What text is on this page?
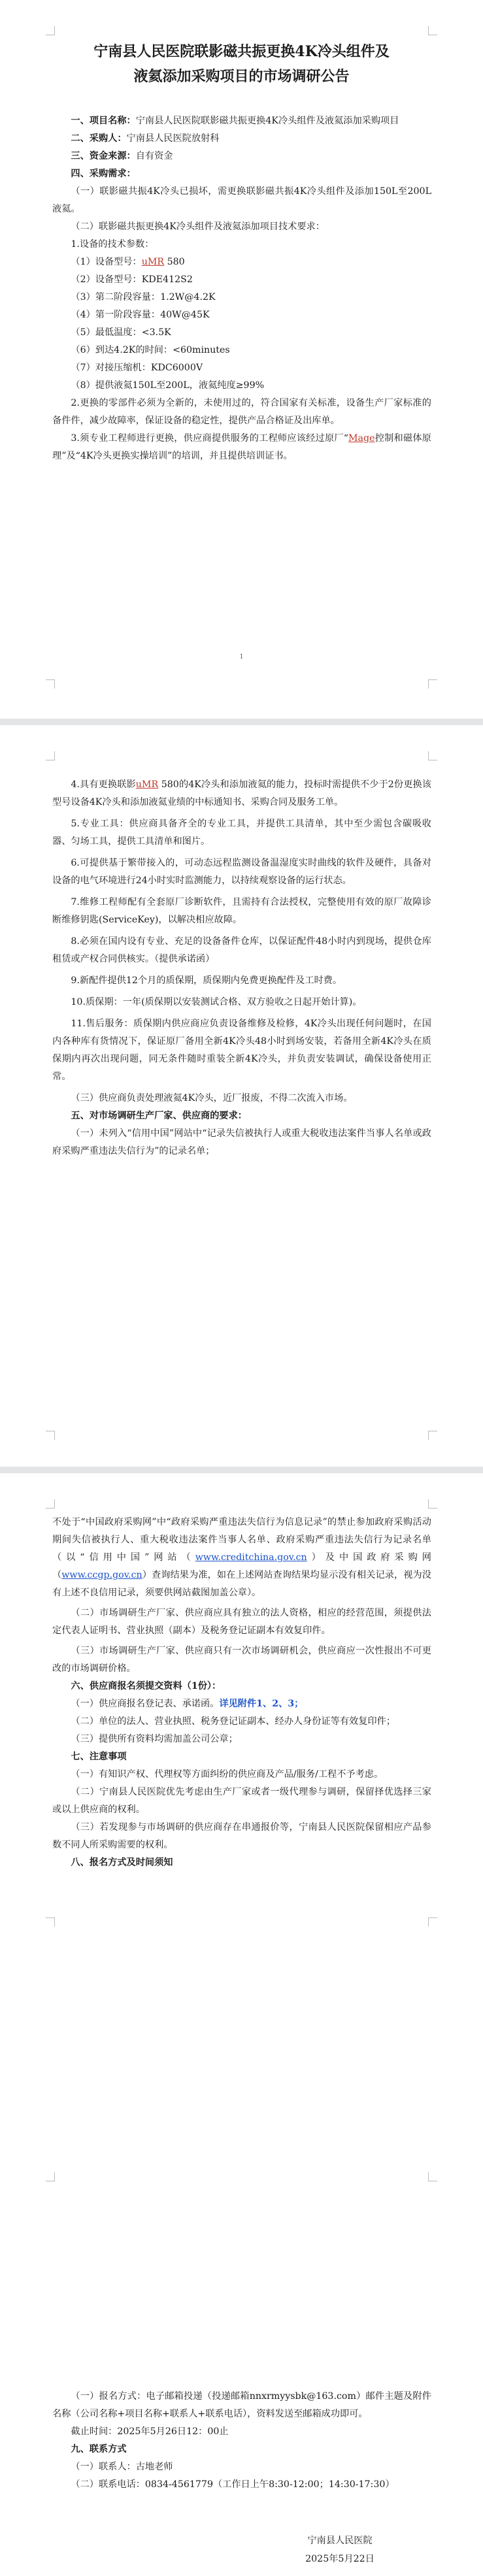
宁南县人民医院联影磁共振更换4K冷头组件及
液氦添加采购项目的市场调研公告

一、项目名称：宁南县人民医院联影磁共振更换4K冷头组件及液氦添加采购项目

二、采购人：宁南县人民医院放射科

三、资金来源：自有资金

四、采购需求：

（一）联影磁共振4K冷头已损坏，需更换联影磁共振4K冷头组件及添加150L至200L液氦。

（二）联影磁共振更换4K冷头组件及液氦添加项目技术要求：

1.设备的技术参数：

（1）设备型号：uMR 580

（2）设备型号：KDE412S2

（3）第二阶段容量：1.2W@4.2K

（4）第一阶段容量：40W@45K

（5）最低温度：<3.5K

（6）到达4.2K的时间：<60minutes

（7）对接压缩机：KDC6000V

（8）提供液氦150L至200L，液氦纯度≥99%

2.更换的零部件必须为全新的，未使用过的，符合国家有关标准，设备生产厂家标准的备件件，减少故障率，保证设备的稳定性，提供产品合格证及出库单。

3.须专业工程师进行更换，供应商提供服务的工程师应该经过原厂“Mage控制和磁体原理”及“4K冷头更换实操培训”的培训，并且提供培训证书。

1

4.具有更换联影uMR 580的4K冷头和添加液氦的能力，投标时需提供不少于2份更换该型号设备4K冷头和添加液氦业绩的中标通知书、采购合同及服务工单。

5.专业工具：供应商具备齐全的专业工具，并提供工具清单，其中至少需包含碳吸收器、匀场工具，提供工具清单和图片。

6.可提供基于繁带接入的，可动态远程监测设备温湿度实时曲线的软件及硬件，具备对设备的电气环境进行24小时实时监测能力，以持续观察设备的运行状态。

7.维修工程师配有全套原厂诊断软件，且需持有合法授权，完整使用有效的原厂故障诊断维修钥匙(ServiceKey)，以解决相应故障。

8.必须在国内设有专业、充足的设备备件仓库，以保证配件48小时内到现场，提供仓库租赁或产权合同供核实。（提供承诺函）

9.新配件提供12个月的质保期，质保期内免费更换配件及工时费。

10.质保期：一年(质保期以安装测试合格、双方验收之日起开始计算)。

11.售后服务：质保期内供应商应负责设备维修及检修，4K冷头出现任何问题时，在国内各种库有货情况下，保证原厂备用全新4K冷头48小时到场安装，若备用全新4K冷头在质保期内再次出现问题，同无条件随时重装全新4K冷头，并负责安装调试，确保设备使用正常。

（三）供应商负责处理液氦4K冷头，近厂报废，不得二次流入市场。

五、对市场调研生产厂家、供应商的要求：

（一）未列入“信用中国”网站中“记录失信被执行人或重大税收违法案件当事人名单或政府采购严重违法失信行为”的记录名单；

不处于“中国政府采购网”中“政府采购严重违法失信行为信息记录”的禁止参加政府采购活动期间失信被执行人、重大税收违法案件当事人名单、政府采购严重违法失信行为记录名单（以“信用中国”网站（www.creditchina.gov.cn）及中国政府采购网（www.ccgp.gov.cn）查询结果为准，如在上述网站查询结果均显示没有相关记录，视为没有上述不良信用记录，须要供网站截图加盖公章）。

（二）市场调研生产厂家、供应商应具有独立的法人资格，相应的经营范围，须提供法定代表人证明书、营业执照（副本）及税务登记证副本有效复印件。

（三）市场调研生产厂家、供应商只有一次市场调研机会，供应商应一次性报出不可更改的市场调研价格。

六、供应商报名须提交资料（1份）：

（一）供应商报名登记表、承诺函。详见附件1、2、3；

（二）单位的法人、营业执照、税务登记证副本、经办人身份证等有效复印件；

（三）提供所有资料均需加盖公司公章；

七、注意事项

（一）有知识产权、代理权等方面纠纷的供应商及产品/服务/工程不予考虑。

（二）宁南县人民医院优先考虑由生产厂家或者一级代理参与调研，保留择优选择三家或以上供应商的权利。

（三）若发现参与市场调研的供应商存在串通报价等，宁南县人民医院保留相应产品参数不同人所采购需要的权利。

八、报名方式及时间须知

（一）报名方式：电子邮箱投递（投递邮箱nnxrmyysbk@163.com）邮件主题及附件名称（公司名称+项目名称+联系人+联系电话），资料发送至邮箱成功即可。

截止时间：2025年5月26日12：00止

九、联系方式

（一）联系人：古地老师

（二）联系电话：0834-4561779（工作日上午8:30-12:00；14:30-17:30）

宁南县人民医院
2025年5月22日
